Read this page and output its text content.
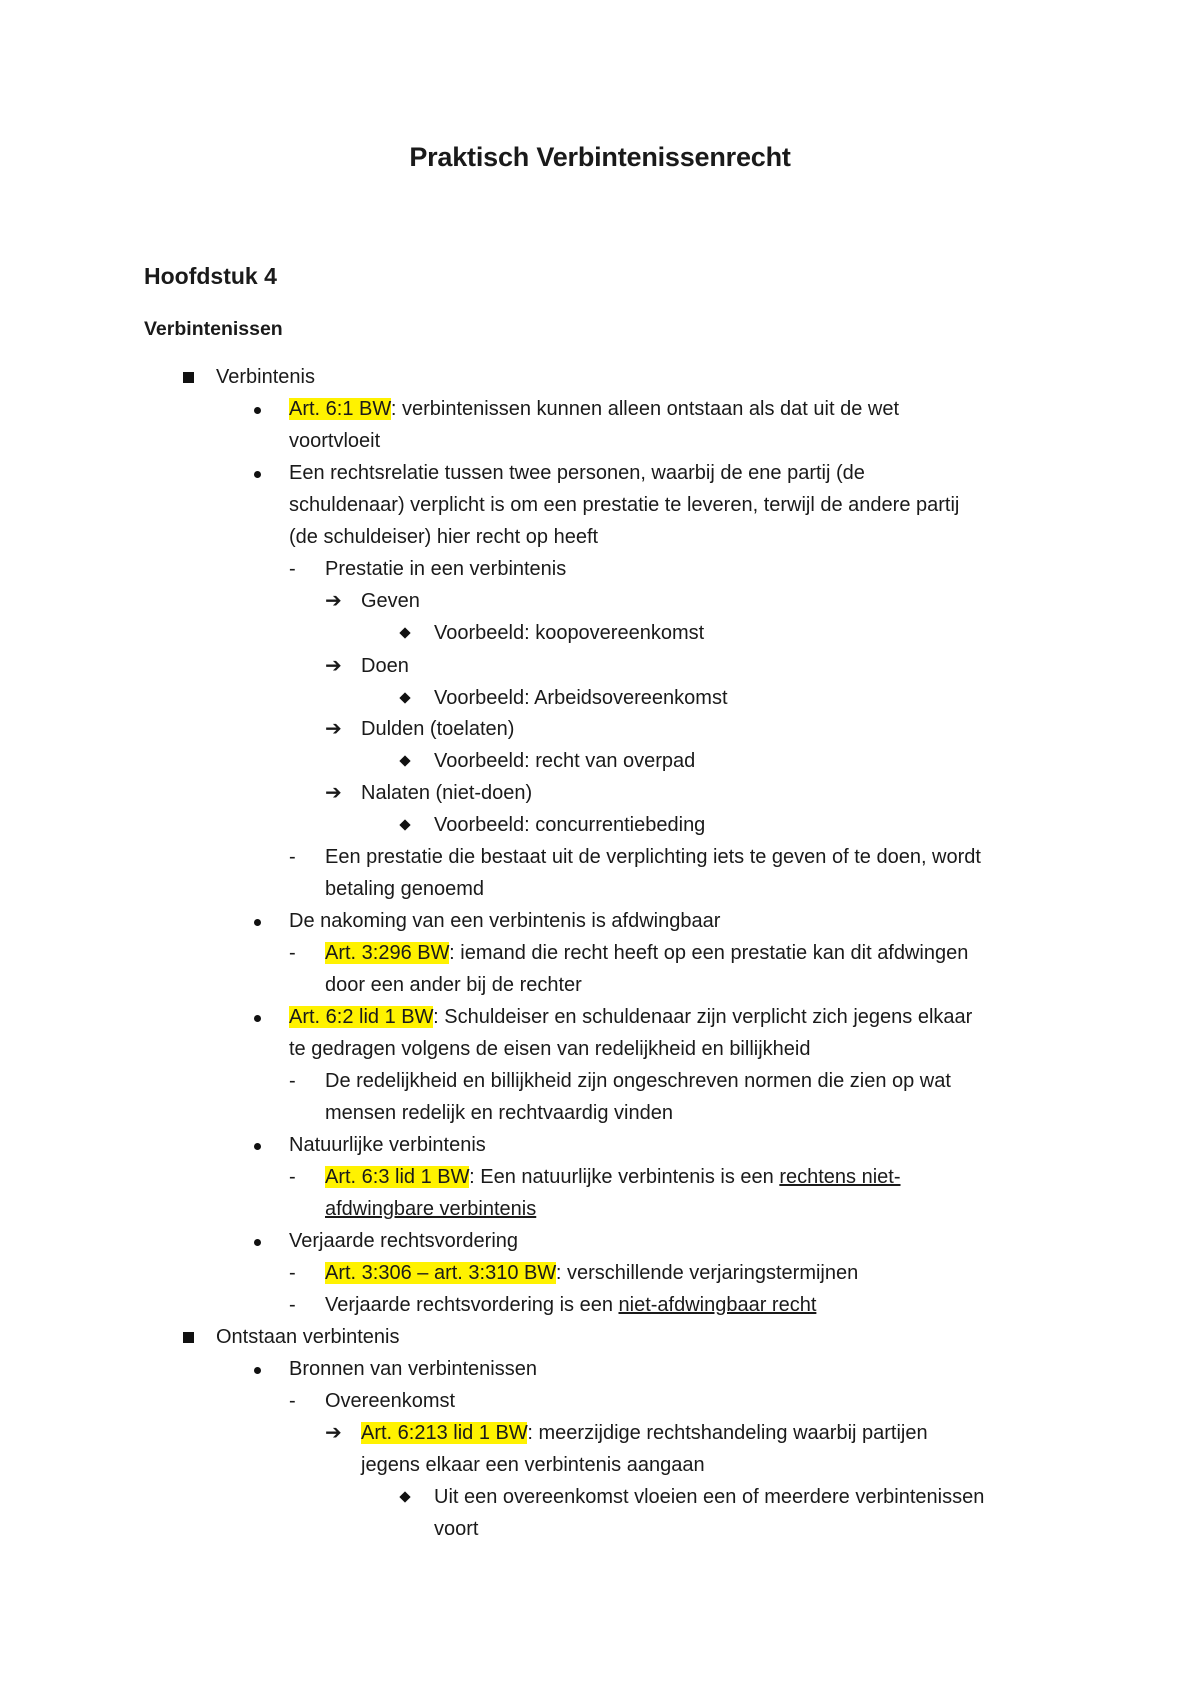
Praktisch Verbintenissenrecht
Hoofdstuk 4
Verbintenissen
Verbintenis
Art. 6:1 BW: verbintenissen kunnen alleen ontstaan als dat uit de wet
voortvloeit
Een rechtsrelatie tussen twee personen, waarbij de ene partij (de
schuldenaar) verplicht is om een prestatie te leveren, terwijl de andere partij
(de schuldeiser) hier recht op heeft
- Prestatie in een verbintenis
➔ Geven
Voorbeeld: koopovereenkomst
➔ Doen
Voorbeeld: Arbeidsovereenkomst
➔ Dulden (toelaten)
Voorbeeld: recht van overpad
➔ Nalaten (niet-doen)
Voorbeeld: concurrentiebeding
- Een prestatie die bestaat uit de verplichting iets te geven of te doen, wordt
betaling genoemd
De nakoming van een verbintenis is afdwingbaar
- Art. 3:296 BW: iemand die recht heeft op een prestatie kan dit afdwingen
door een ander bij de rechter
Art. 6:2 lid 1 BW: Schuldeiser en schuldenaar zijn verplicht zich jegens elkaar
te gedragen volgens de eisen van redelijkheid en billijkheid
- De redelijkheid en billijkheid zijn ongeschreven normen die zien op wat
mensen redelijk en rechtvaardig vinden
Natuurlijke verbintenis
- Art. 6:3 lid 1 BW: Een natuurlijke verbintenis is een rechtens niet-
afdwingbare verbintenis
Verjaarde rechtsvordering
- Art. 3:306 – art. 3:310 BW: verschillende verjaringstermijnen
- Verjaarde rechtsvordering is een niet-afdwingbaar recht
Ontstaan verbintenis
Bronnen van verbintenissen
- Overeenkomst
➔ Art. 6:213 lid 1 BW: meerzijdige rechtshandeling waarbij partijen
jegens elkaar een verbintenis aangaan
Uit een overeenkomst vloeien een of meerdere verbintenissen
voort
